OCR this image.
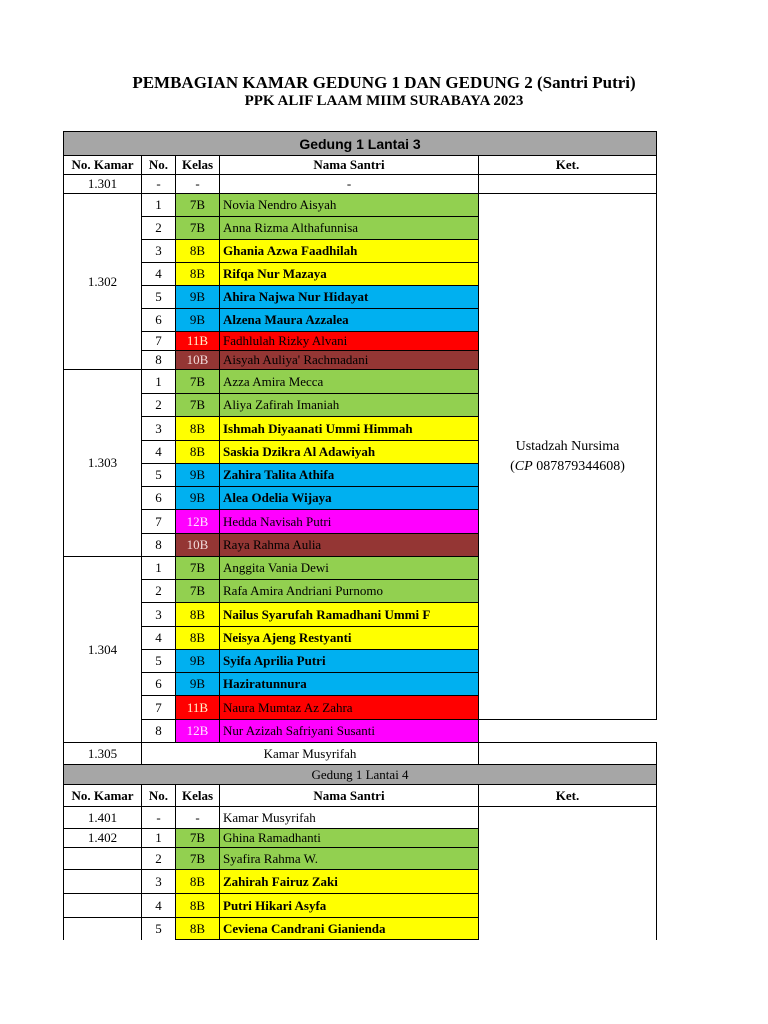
PEMBAGIAN KAMAR GEDUNG 1 DAN GEDUNG 2 (Santri Putri)
PPK ALIF LAAM MIIM SURABAYA 2023
Gedung 1 Lantai 3				
No. Kamar	No.	Kelas	Nama Santri	Ket.
1.301	-	-	-	
1.302	1	7B	Novia Nendro Aisyah	Ustadzah Nursima
(CP 087879344608)
	2	7B	Anna Rizma Althafunnisa	
	3	8B	Ghania Azwa Faadhilah	
	4	8B	Rifqa Nur Mazaya	
	5	9B	Ahira Najwa Nur Hidayat	
	6	9B	Alzena Maura Azzalea	
	7	11B	Fadhlulah Rizky Alvani	
	8	10B	Aisyah Auliya' Rachmadani	
1.303	1	7B	Azza Amira Mecca	
	2	7B	Aliya Zafirah Imaniah	
	3	8B	Ishmah Diyaanati Ummi Himmah	
	4	8B	Saskia Dzikra Al Adawiyah	
	5	9B	Zahira Talita Athifa	
	6	9B	Alea Odelia Wijaya	
	7	12B	Hedda Navisah Putri	
	8	10B	Raya Rahma Aulia	
1.304	1	7B	Anggita Vania Dewi	
	2	7B	Rafa Amira Andriani Purnomo	
	3	8B	Nailus Syarufah Ramadhani Ummi F	
	4	8B	Neisya Ajeng Restyanti	
	5	9B	Syifa Aprilia Putri	
	6	9B	Haziratunnura	
	7	11B	Naura Mumtaz Az Zahra	
	8	12B	Nur Azizah Safriyani Susanti	
1.305	Kamar Musyrifah			
Gedung 1 Lantai 4				
No. Kamar	No.	Kelas	Nama Santri	Ket.
1.401	-	-	Kamar Musyrifah	
1.402	1	7B	Ghina Ramadhanti	
	2	7B	Syafira Rahma W.	
	3	8B	Zahirah Fairuz Zaki	
	4	8B	Putri Hikari Asyfa	
	5	8B	Ceviena Candrani Gianienda	
